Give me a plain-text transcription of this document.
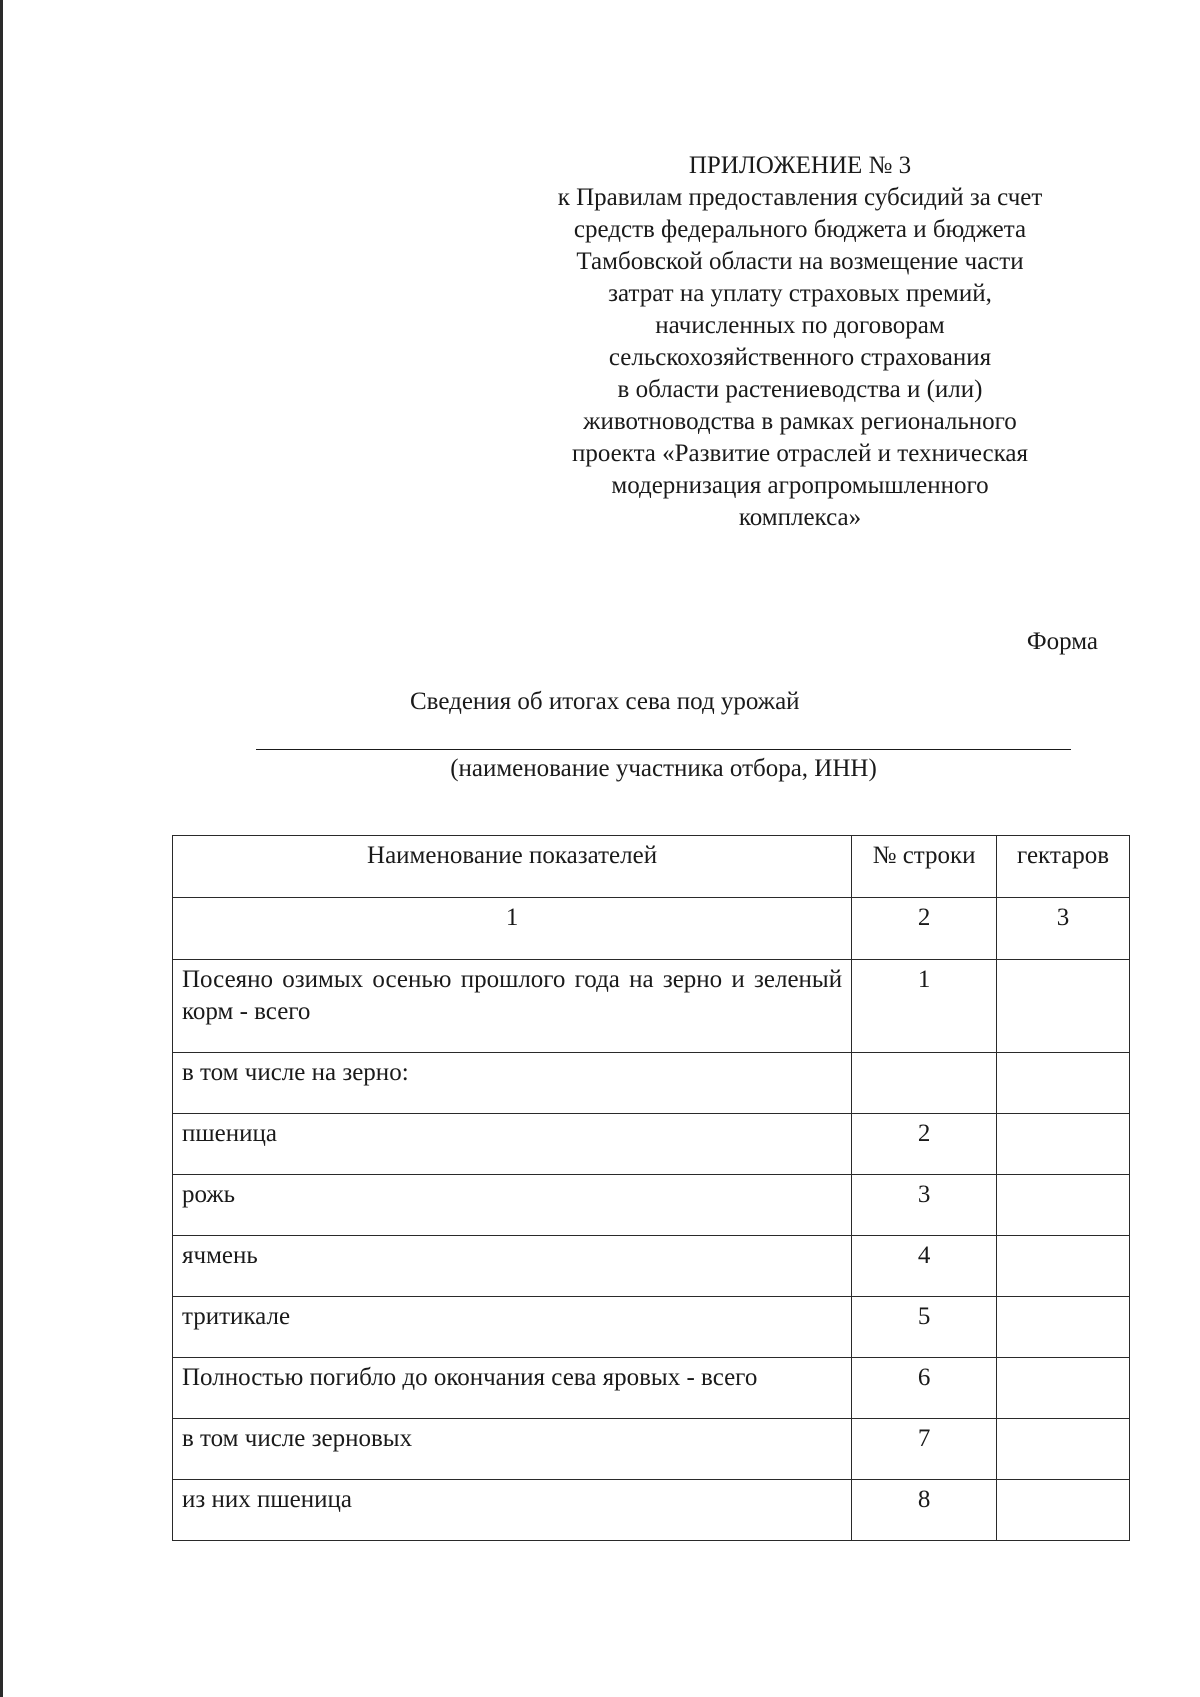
ПРИЛОЖЕНИЕ № 3
к Правилам предоставления субсидий за счет
средств федерального бюджета и бюджета
Тамбовской области на возмещение части
затрат на уплату страховых премий,
начисленных по договорам
сельскохозяйственного страхования
в области растениеводства и (или)
животноводства в рамках регионального
проекта «Развитие отраслей и техническая
модернизация агропромышленного
комплекса»
Форма
Сведения об итогах сева под урожай
(наименование участника отбора, ИНН)
Наименование показателей	№ строки	гектаров
1	2	3
Посеяно озимых осенью прошлого года на зерно и зеленый корм - всего	1	
в том числе на зерно:		
пшеница	2	
рожь	3	
ячмень	4	
тритикале	5	
Полностью погибло до окончания сева яровых - всего	6	
в том числе зерновых	7	
из них пшеница	8	
